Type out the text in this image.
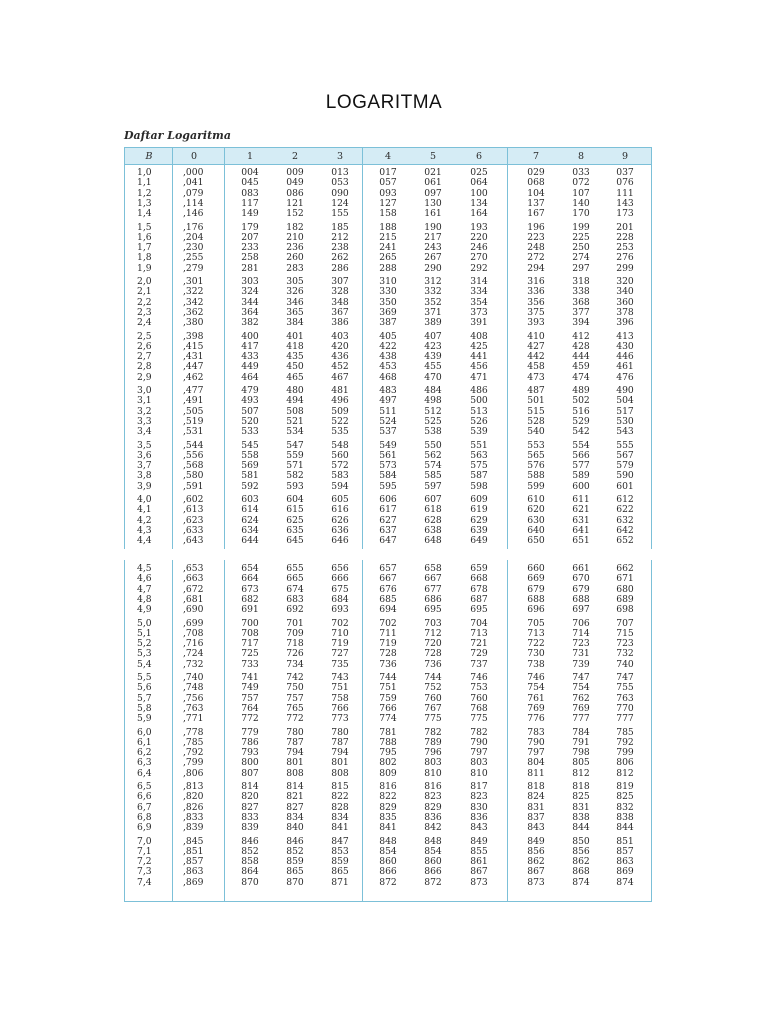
LOGARITMA
Daftar Logaritma
B	0	1	2	3	4	5	6	7	8	9
1,0	,000	004	009	013	017	021	025	029	033	037
1,1	,041	045	049	053	057	061	064	068	072	076
1,2	,079	083	086	090	093	097	100	104	107	111
1,3	,114	117	121	124	127	130	134	137	140	143
1,4	,146	149	152	155	158	161	164	167	170	173
1,5	,176	179	182	185	188	190	193	196	199	201
1,6	,204	207	210	212	215	217	220	223	225	228
1,7	,230	233	236	238	241	243	246	248	250	253
1,8	,255	258	260	262	265	267	270	272	274	276
1,9	,279	281	283	286	288	290	292	294	297	299
2,0	,301	303	305	307	310	312	314	316	318	320
2,1	,322	324	326	328	330	332	334	336	338	340
2,2	,342	344	346	348	350	352	354	356	368	360
2,3	,362	364	365	367	369	371	373	375	377	378
2,4	,380	382	384	386	387	389	391	393	394	396
2,5	,398	400	401	403	405	407	408	410	412	413
2,6	,415	417	418	420	422	423	425	427	428	430
2,7	,431	433	435	436	438	439	441	442	444	446
2,8	,447	449	450	452	453	455	456	458	459	461
2,9	,462	464	465	467	468	470	471	473	474	476
3,0	,477	479	480	481	483	484	486	487	489	490
3,1	,491	493	494	496	497	498	500	501	502	504
3,2	,505	507	508	509	511	512	513	515	516	517
3,3	,519	520	521	522	524	525	526	528	529	530
3,4	,531	533	534	535	537	538	539	540	542	543
3,5	,544	545	547	548	549	550	551	553	554	555
3,6	,556	558	559	560	561	562	563	565	566	567
3,7	,568	569	571	572	573	574	575	576	577	579
3,8	,580	581	582	583	584	585	587	588	589	590
3,9	,591	592	593	594	595	597	598	599	600	601
4,0	,602	603	604	605	606	607	609	610	611	612
4,1	,613	614	615	616	617	618	619	620	621	622
4,2	,623	624	625	626	627	628	629	630	631	632
4,3	,633	634	635	636	637	638	639	640	641	642
4,4	,643	644	645	646	647	648	649	650	651	652
4,5	,653	654	655	656	657	658	659	660	661	662
4,6	,663	664	665	666	667	667	668	669	670	671
4,7	,672	673	674	675	676	677	678	679	679	680
4,8	,681	682	683	684	685	686	687	688	688	689
4,9	,690	691	692	693	694	695	695	696	697	698
5,0	,699	700	701	702	702	703	704	705	706	707
5,1	,708	708	709	710	711	712	713	713	714	715
5,2	,716	717	718	719	719	720	721	722	723	723
5,3	,724	725	726	727	728	728	729	730	731	732
5,4	,732	733	734	735	736	736	737	738	739	740
5,5	,740	741	742	743	744	744	746	746	747	747
5,6	,748	749	750	751	751	752	753	754	754	755
5,7	,756	757	757	758	759	760	760	761	762	763
5,8	,763	764	765	766	766	767	768	769	769	770
5,9	,771	772	772	773	774	775	775	776	777	777
6,0	,778	779	780	780	781	782	782	783	784	785
6,1	,785	786	787	787	788	789	790	790	791	792
6,2	,792	793	794	794	795	796	797	797	798	799
6,3	,799	800	801	801	802	803	803	804	805	806
6,4	,806	807	808	808	809	810	810	811	812	812
6,5	,813	814	814	815	816	816	817	818	818	819
6,6	,820	820	821	822	822	823	823	824	825	825
6,7	,826	827	827	828	829	829	830	831	831	832
6,8	,833	833	834	834	835	836	836	837	838	838
6,9	,839	839	840	841	841	842	843	843	844	844
7,0	,845	846	846	847	848	848	849	849	850	851
7,1	,851	852	852	853	854	854	855	856	856	857
7,2	,857	858	859	859	860	860	861	862	862	863
7,3	,863	864	865	865	866	866	867	867	868	869
7,4	,869	870	870	871	872	872	873	873	874	874
